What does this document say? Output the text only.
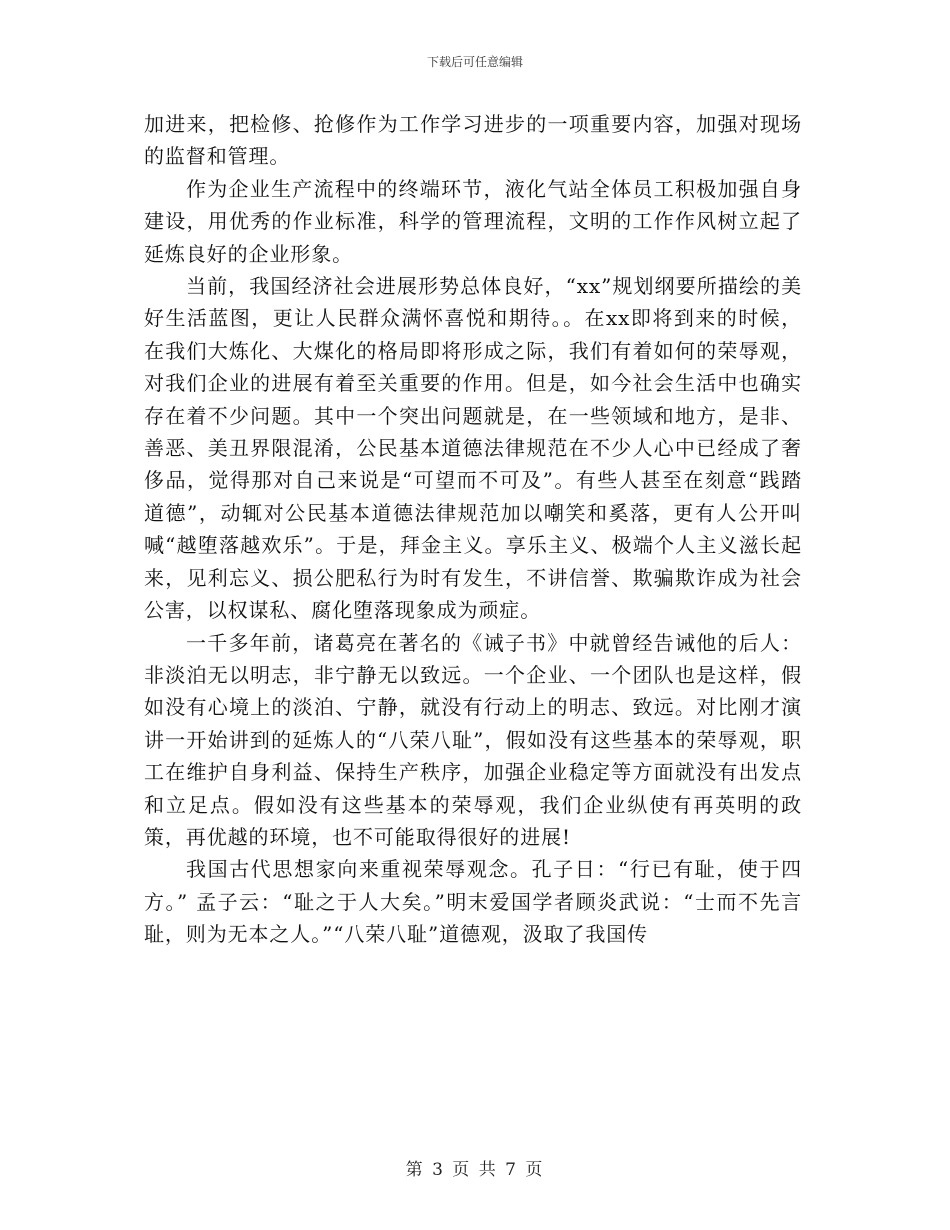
下载后可任意编辑

加进来，把检修、抢修作为工作学习进步的一项重要内容，加强对现场的监督和管理。

作为企业生产流程中的终端环节，液化气站全体员工积极加强自身建设，用优秀的作业标准，科学的管理流程，文明的工作作风树立起了延炼良好的企业形象。

当前，我国经济社会进展形势总体良好，“xx”规划纲要所描绘的美好生活蓝图，更让人民群众满怀喜悦和期待。。在xx即将到来的时候，在我们大炼化、大煤化的格局即将形成之际，我们有着如何的荣辱观，对我们企业的进展有着至关重要的作用。但是，如今社会生活中也确实存在着不少问题。其中一个突出问题就是，在一些领域和地方，是非、善恶、美丑界限混淆，公民基本道德法律规范在不少人心中已经成了奢侈品，觉得那对自己来说是“可望而不可及”。有些人甚至在刻意“践踏道德”，动辄对公民基本道德法律规范加以嘲笑和奚落，更有人公开叫喊“越堕落越欢乐”。于是，拜金主义。享乐主义、极端个人主义滋长起来，见利忘义、损公肥私行为时有发生，不讲信誉、欺骗欺诈成为社会公害，以权谋私、腐化堕落现象成为顽症。

一千多年前，诸葛亮在著名的《诫子书》中就曾经告诫他的后人：非淡泊无以明志，非宁静无以致远。一个企业、一个团队也是这样，假如没有心境上的淡泊、宁静，就没有行动上的明志、致远。对比刚才演讲一开始讲到的延炼人的“八荣八耻”，假如没有这些基本的荣辱观，职工在维护自身利益、保持生产秩序，加强企业稳定等方面就没有出发点和立足点。假如没有这些基本的荣辱观，我们企业纵使有再英明的政策，再优越的环境，也不可能取得很好的进展!

我国古代思想家向来重视荣辱观念。孔子日：“行已有耻，使于四方。” 孟子云：“耻之于人大矣。”明末爱国学者顾炎武说：“士而不先言耻，则为无本之人。”“八荣八耻”道德观，汲取了我国传

第 3 页 共 7 页
